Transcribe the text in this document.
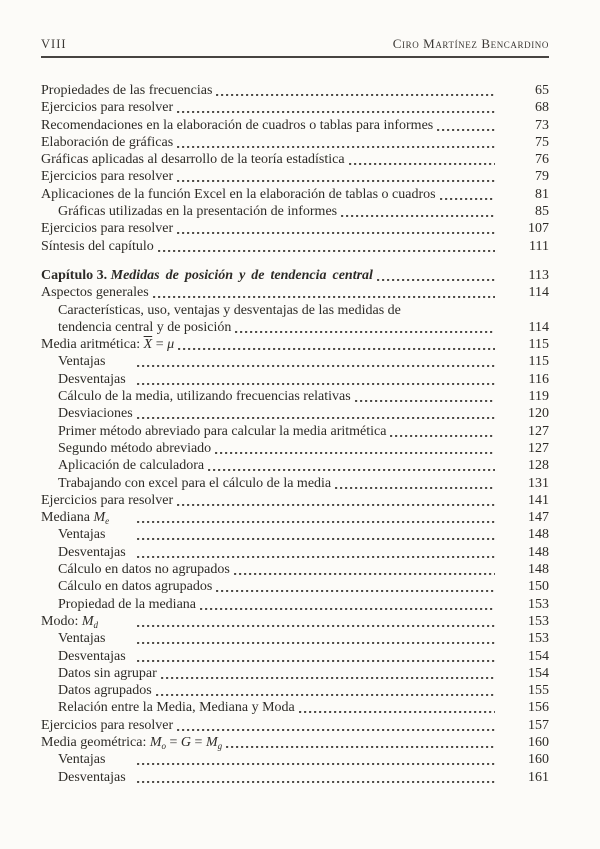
VIII	Ciro Martínez Bencardino
Propiedades de las frecuencias	65
Ejercicios para resolver	68
Recomendaciones en la elaboración de cuadros o tablas para informes	73
Elaboración de gráficas	75
Gráficas aplicadas al desarrollo de la teoría estadística	76
Ejercicios para resolver	79
Aplicaciones de la función Excel en la elaboración de tablas o cuadros	81
Gráficas utilizadas en la presentación de informes	85
Ejercicios para resolver	107
Síntesis del capítulo	111
Capítulo 3. Medidas de posición y de tendencia central	113
Aspectos generales	114
Características, uso, ventajas y desventajas de las medidas de
tendencia central y de posición	114
Media aritmética: $\overline{X} = \mu$	115
Ventajas	115
Desventajas	116
Cálculo de la media, utilizando frecuencias relativas	119
Desviaciones	120
Primer método abreviado para calcular la media aritmética	127
Segundo método abreviado	127
Aplicación de calculadora	128
Trabajando con excel para el cálculo de la media	131
Ejercicios para resolver	141
Mediana $M_e$	147
Ventajas	148
Desventajas	148
Cálculo en datos no agrupados	148
Cálculo en datos agrupados	150
Propiedad de la mediana	153
Modo: $M_d$	153
Ventajas	153
Desventajas	154
Datos sin agrupar	154
Datos agrupados	155
Relación entre la Media, Mediana y Moda	156
Ejercicios para resolver	157
Media geométrica: $M_o = G = M_g$	160
Ventajas	160
Desventajas	161
